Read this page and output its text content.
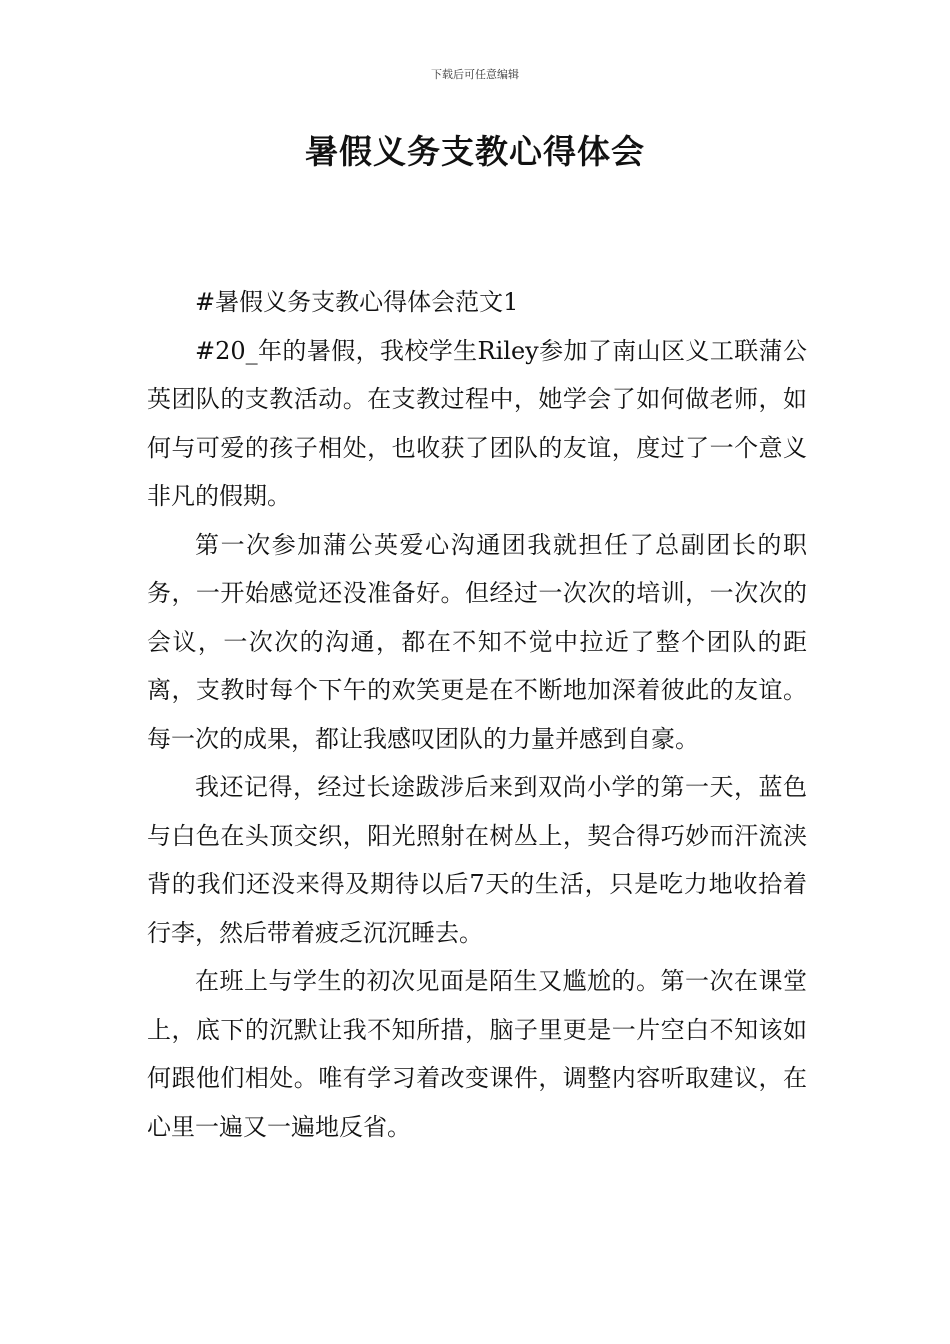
下载后可任意编辑
暑假义务支教心得体会

#暑假义务支教心得体会范文1

#20_年的暑假，我校学生Riley参加了南山区义工联蒲公英团队的支教活动。在支教过程中，她学会了如何做老师，如何与可爱的孩子相处，也收获了团队的友谊，度过了一个意义非凡的假期。

第一次参加蒲公英爱心沟通团我就担任了总副团长的职务，一开始感觉还没准备好。但经过一次次的培训，一次次的会议，一次次的沟通，都在不知不觉中拉近了整个团队的距离，支教时每个下午的欢笑更是在不断地加深着彼此的友谊。每一次的成果，都让我感叹团队的力量并感到自豪。

我还记得，经过长途跋涉后来到双尚小学的第一天，蓝色与白色在头顶交织，阳光照射在树丛上，契合得巧妙而汗流浃背的我们还没来得及期待以后7天的生活，只是吃力地收拾着行李，然后带着疲乏沉沉睡去。

在班上与学生的初次见面是陌生又尴尬的。第一次在课堂上，底下的沉默让我不知所措，脑子里更是一片空白不知该如何跟他们相处。唯有学习着改变课件，调整内容听取建议，在心里一遍又一遍地反省。
